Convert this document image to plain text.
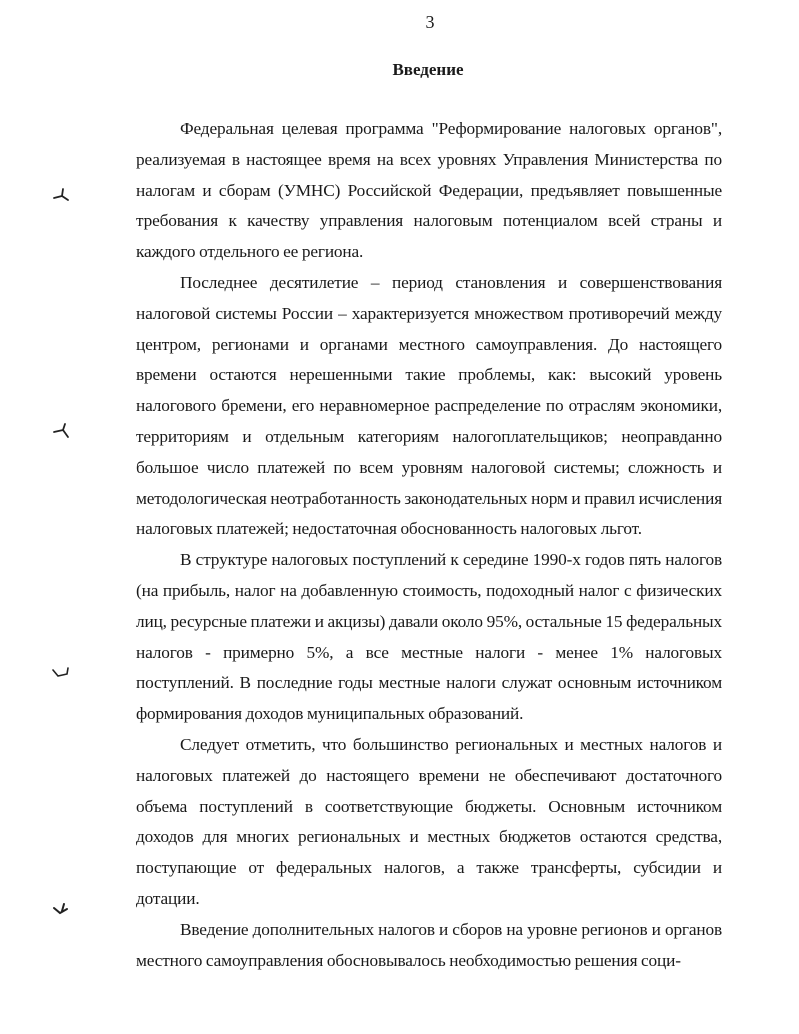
3
Введение

Федеральная целевая программа "Реформирование налоговых органов", реализуемая в настоящее время на всех уровнях Управления Министерства по налогам и сборам (УМНС) Российской Федерации, предъявляет повышенные требования к качеству управления налоговым потенциалом всей страны и каждого отдельного ее региона.

Последнее десятилетие – период становления и совершенствования налоговой системы России – характеризуется множеством противоречий между центром, регионами и органами местного самоуправления. До настоящего времени остаются нерешенными такие проблемы, как: высокий уровень налогового бремени, его неравномерное распределение по отраслям экономики, территориям и отдельным категориям налогоплательщиков; неоправданно большое число платежей по всем уровням налоговой системы; сложность и методологическая неотработанность законодательных норм и правил исчисления налоговых платежей; недостаточная обоснованность налоговых льгот.

В структуре налоговых поступлений к середине 1990-х годов пять налогов (на прибыль, налог на добавленную стоимость, подоходный налог с физических лиц, ресурсные платежи и акцизы) давали около 95%, остальные 15 федеральных налогов - примерно 5%, а все местные налоги - менее 1% налоговых поступлений. В последние годы местные налоги служат основным источником формирования доходов муниципальных образований.

Следует отметить, что большинство региональных и местных налогов и налоговых платежей до настоящего времени не обеспечивают достаточного объема поступлений в соответствующие бюджеты. Основным источником доходов для многих региональных и местных бюджетов остаются средства, поступающие от федеральных налогов, а также трансферты, субсидии и дотации.

Введение дополнительных налогов и сборов на уровне регионов и органов местного самоуправления обосновывалось необходимостью решения соци-
